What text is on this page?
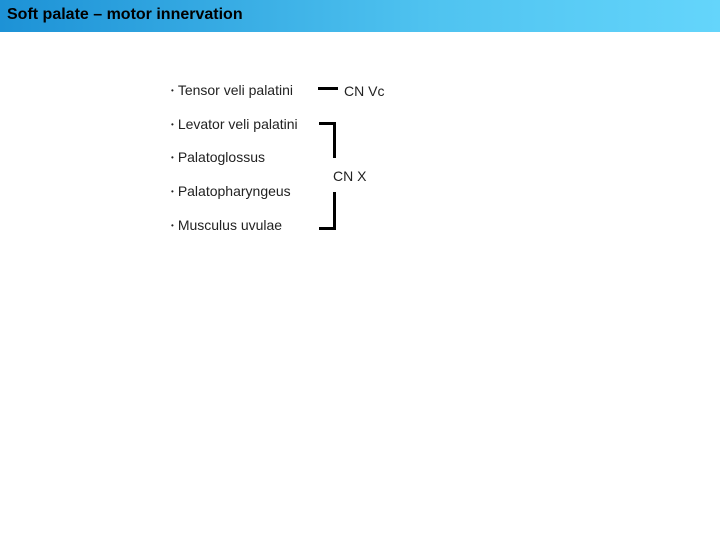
Soft palate – motor innervation
• Tensor veli palatini
• Levator veli palatini
• Palatoglossus
• Palatopharyngeus
• Musculus uvulae
CN Vc
CN X
